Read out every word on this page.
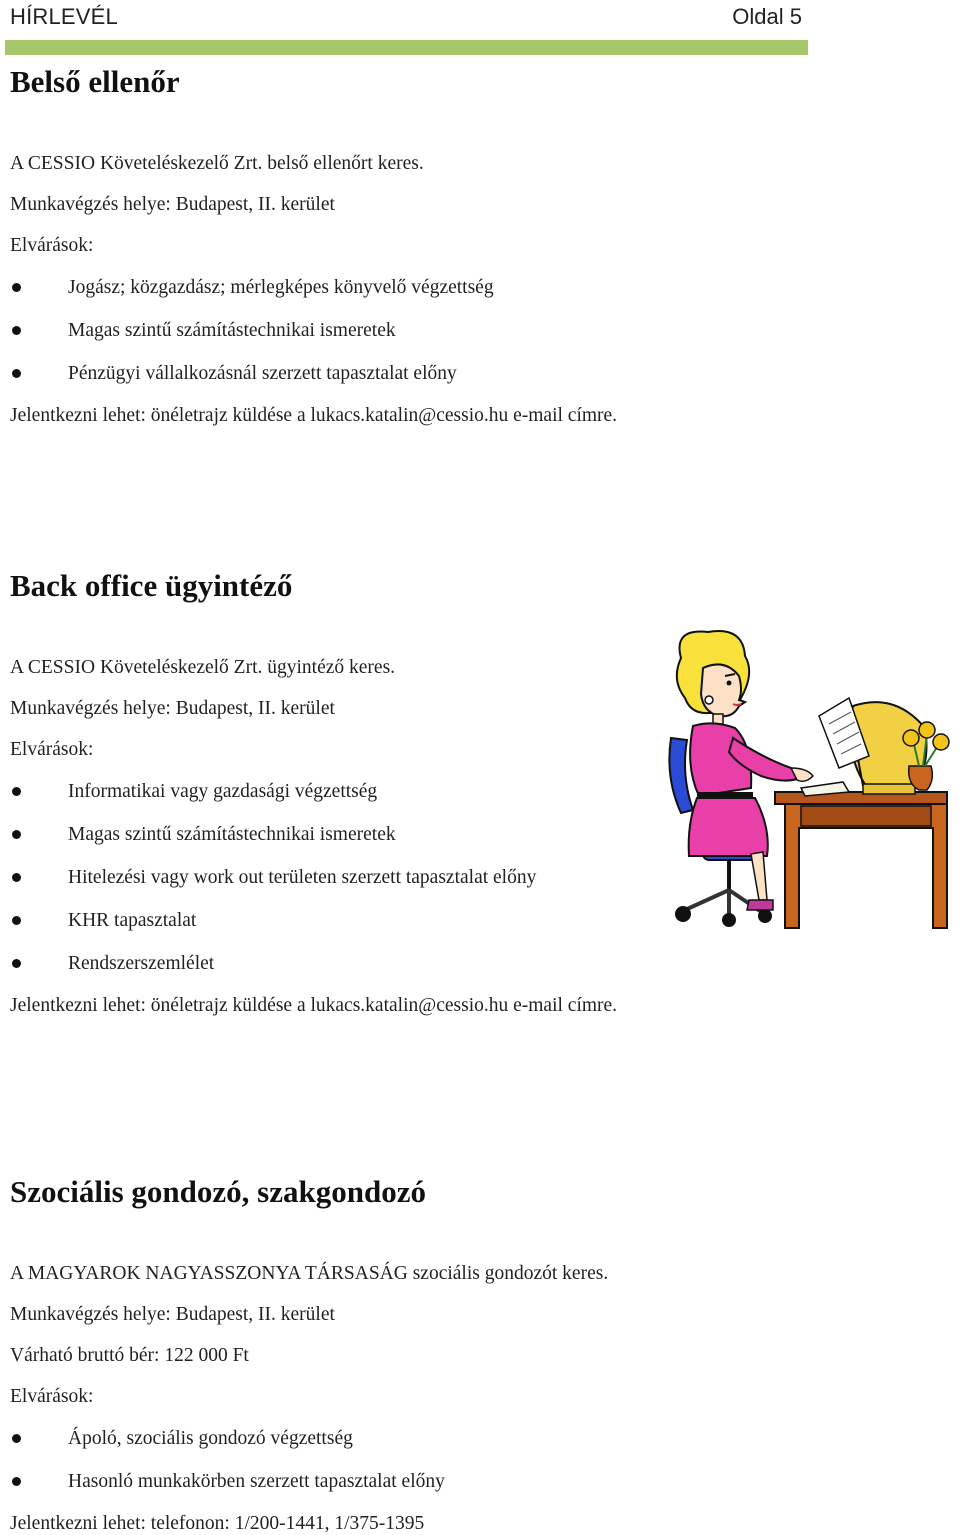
HÍRLEVÉL	Oldal 5
Belső ellenőr
A CESSIO Követeléskezelő Zrt. belső ellenőrt keres.
Munkavégzés helye: Budapest, II. kerület
Elvárások:
Jogász; közgazdász; mérlegképes könyvelő végzettség
Magas szintű számítástechnikai ismeretek
Pénzügyi vállalkozásnál szerzett tapasztalat előny
Jelentkezni lehet: önéletrajz küldése a lukacs.katalin@cessio.hu e-mail címre.
Back office ügyintéző
A CESSIO Követeléskezelő Zrt. ügyintéző keres.
Munkavégzés helye: Budapest, II. kerület
Elvárások:
Informatikai vagy gazdasági végzettség
Magas szintű számítástechnikai ismeretek
Hitelezési vagy work out területen szerzett tapasztalat előny
KHR tapasztalat
Rendszerszemlélet
Jelentkezni lehet: önéletrajz küldése a lukacs.katalin@cessio.hu e-mail címre.
Szociális gondozó, szakgondozó
A MAGYAROK NAGYASSZONYA TÁRSASÁG szociális gondozót keres.
Munkavégzés helye: Budapest, II. kerület
Várható bruttó bér: 122 000 Ft
Elvárások:
Ápoló, szociális gondozó végzettség
Hasonló munkakörben szerzett tapasztalat előny
Jelentkezni lehet: telefonon: 1/200-1441, 1/375-1395
